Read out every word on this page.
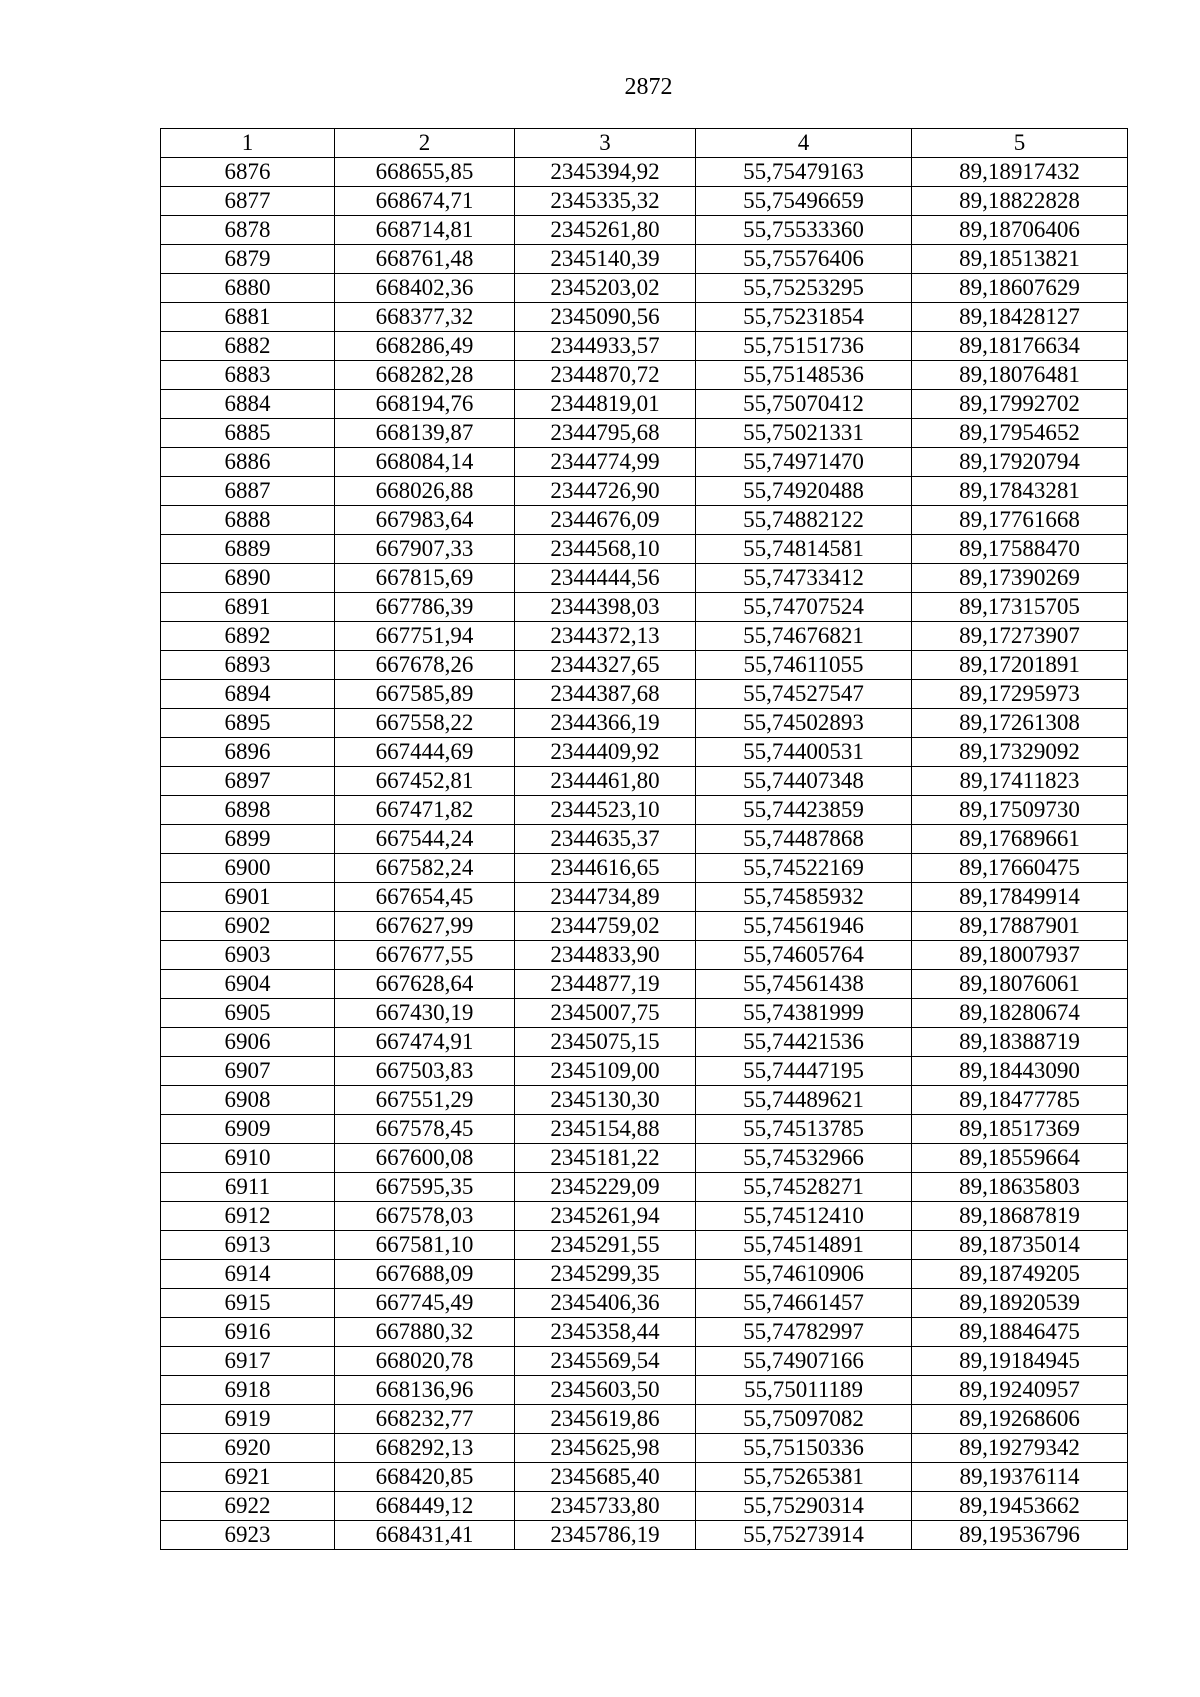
2872
1	2	3	4	5
6876	668655,85	2345394,92	55,75479163	89,18917432
6877	668674,71	2345335,32	55,75496659	89,18822828
6878	668714,81	2345261,80	55,75533360	89,18706406
6879	668761,48	2345140,39	55,75576406	89,18513821
6880	668402,36	2345203,02	55,75253295	89,18607629
6881	668377,32	2345090,56	55,75231854	89,18428127
6882	668286,49	2344933,57	55,75151736	89,18176634
6883	668282,28	2344870,72	55,75148536	89,18076481
6884	668194,76	2344819,01	55,75070412	89,17992702
6885	668139,87	2344795,68	55,75021331	89,17954652
6886	668084,14	2344774,99	55,74971470	89,17920794
6887	668026,88	2344726,90	55,74920488	89,17843281
6888	667983,64	2344676,09	55,74882122	89,17761668
6889	667907,33	2344568,10	55,74814581	89,17588470
6890	667815,69	2344444,56	55,74733412	89,17390269
6891	667786,39	2344398,03	55,74707524	89,17315705
6892	667751,94	2344372,13	55,74676821	89,17273907
6893	667678,26	2344327,65	55,74611055	89,17201891
6894	667585,89	2344387,68	55,74527547	89,17295973
6895	667558,22	2344366,19	55,74502893	89,17261308
6896	667444,69	2344409,92	55,74400531	89,17329092
6897	667452,81	2344461,80	55,74407348	89,17411823
6898	667471,82	2344523,10	55,74423859	89,17509730
6899	667544,24	2344635,37	55,74487868	89,17689661
6900	667582,24	2344616,65	55,74522169	89,17660475
6901	667654,45	2344734,89	55,74585932	89,17849914
6902	667627,99	2344759,02	55,74561946	89,17887901
6903	667677,55	2344833,90	55,74605764	89,18007937
6904	667628,64	2344877,19	55,74561438	89,18076061
6905	667430,19	2345007,75	55,74381999	89,18280674
6906	667474,91	2345075,15	55,74421536	89,18388719
6907	667503,83	2345109,00	55,74447195	89,18443090
6908	667551,29	2345130,30	55,74489621	89,18477785
6909	667578,45	2345154,88	55,74513785	89,18517369
6910	667600,08	2345181,22	55,74532966	89,18559664
6911	667595,35	2345229,09	55,74528271	89,18635803
6912	667578,03	2345261,94	55,74512410	89,18687819
6913	667581,10	2345291,55	55,74514891	89,18735014
6914	667688,09	2345299,35	55,74610906	89,18749205
6915	667745,49	2345406,36	55,74661457	89,18920539
6916	667880,32	2345358,44	55,74782997	89,18846475
6917	668020,78	2345569,54	55,74907166	89,19184945
6918	668136,96	2345603,50	55,75011189	89,19240957
6919	668232,77	2345619,86	55,75097082	89,19268606
6920	668292,13	2345625,98	55,75150336	89,19279342
6921	668420,85	2345685,40	55,75265381	89,19376114
6922	668449,12	2345733,80	55,75290314	89,19453662
6923	668431,41	2345786,19	55,75273914	89,19536796
